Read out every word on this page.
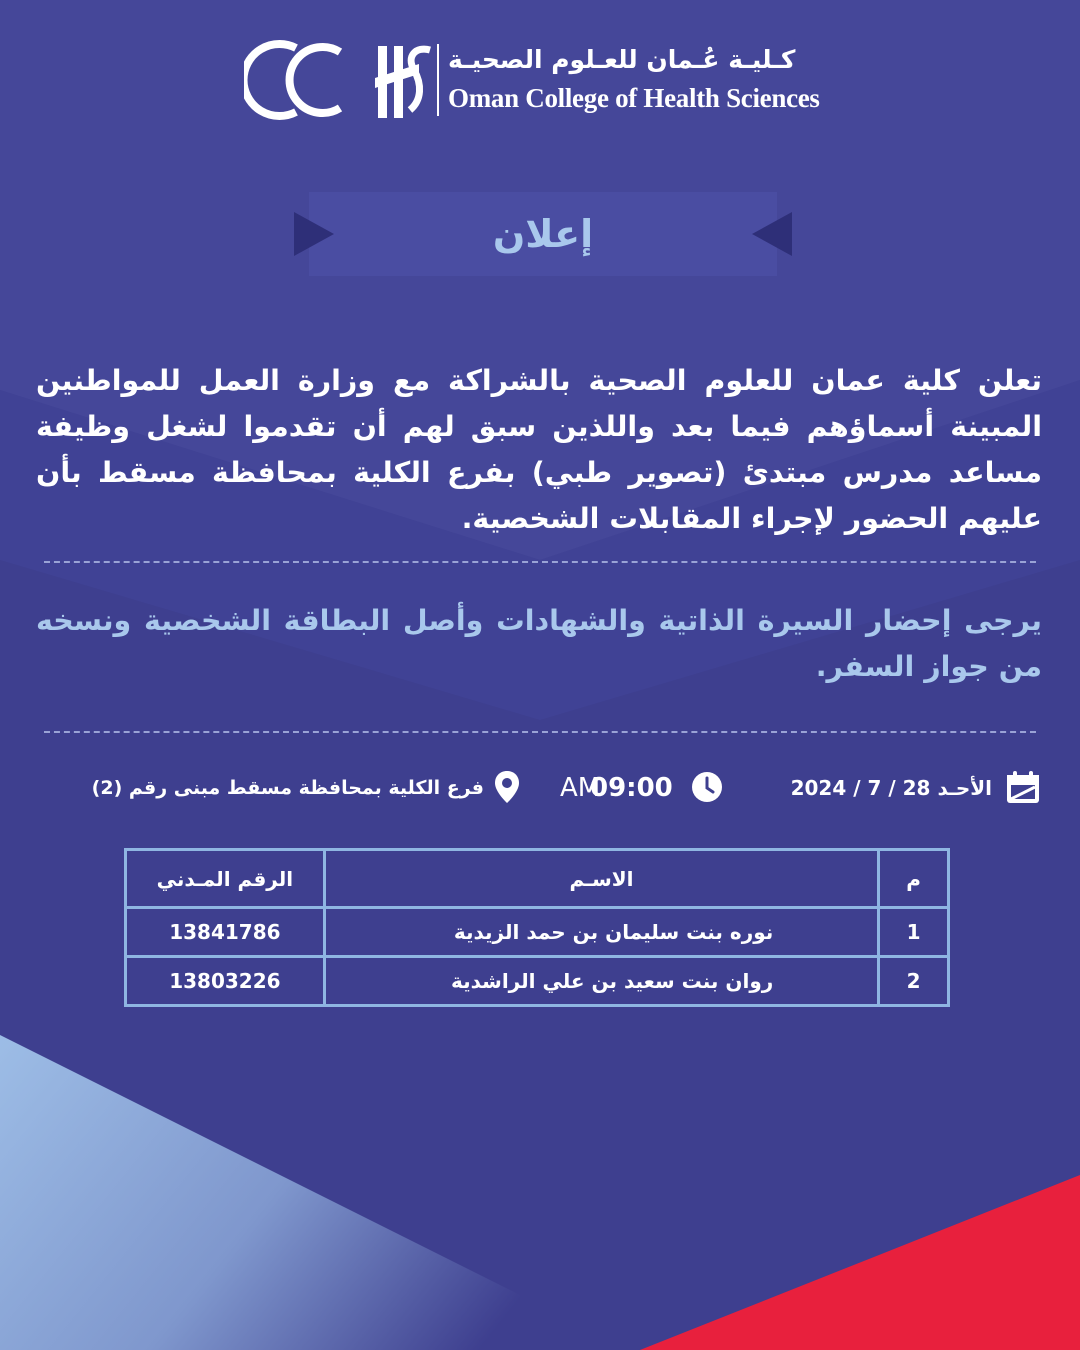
كـليـة عُـمان للعـلوم الصحيـة
Oman College of Health Sciences
إعلان
تعلن كلية عمان للعلوم الصحية بالشراكة مع وزارة العمل للمواطنين المبينة أسماؤهم فيما بعد واللذين سبق لهم أن تقدموا لشغل وظيفة مساعد مدرس مبتدئ (تصوير طبي) بفرع الكلية بمحافظة مسقط بأن عليهم الحضور لإجراء المقابلات الشخصية.
يرجى إحضار السيرة الذاتية والشهادات وأصل البطاقة الشخصية ونسخه من جواز السفر.
الأحـد 28 / 7 / 2024
09:00
AM
فرع الكلية بمحافظة مسقط مبنى رقم (2)
م	الاسـم	الرقم المـدني
1	نوره بنت سليمان بن حمد الزيدية	13841786
2	روان بنت سعيد بن علي الراشدية	13803226
